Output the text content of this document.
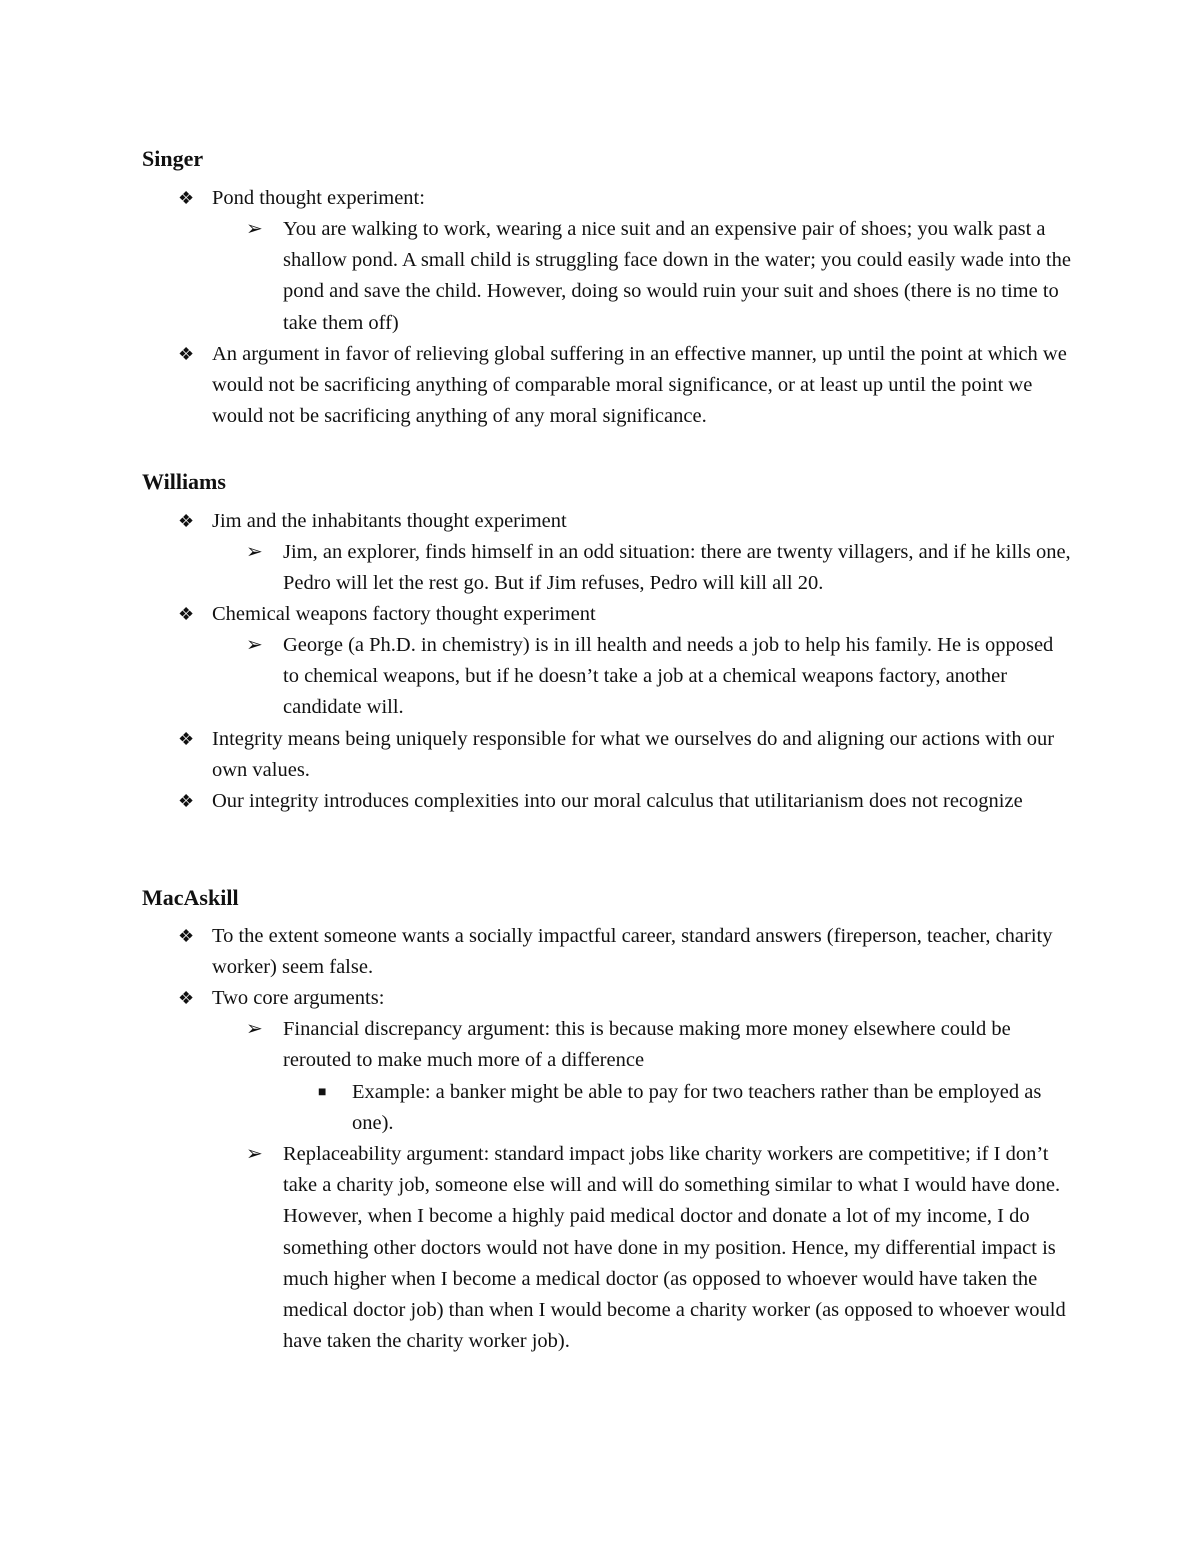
Singer
❖ Pond thought experiment:
➢ You are walking to work, wearing a nice suit and an expensive pair of shoes; you walk past a shallow pond. A small child is struggling face down in the water; you could easily wade into the pond and save the child. However, doing so would ruin your suit and shoes (there is no time to take them off)
❖ An argument in favor of relieving global suffering in an effective manner, up until the point at which we would not be sacrificing anything of comparable moral significance, or at least up until the point we would not be sacrificing anything of any moral significance.
Williams
❖ Jim and the inhabitants thought experiment
➢ Jim, an explorer, finds himself in an odd situation: there are twenty villagers, and if he kills one, Pedro will let the rest go. But if Jim refuses, Pedro will kill all 20.
❖ Chemical weapons factory thought experiment
➢ George (a Ph.D. in chemistry) is in ill health and needs a job to help his family. He is opposed to chemical weapons, but if he doesn’t take a job at a chemical weapons factory, another candidate will.
❖ Integrity means being uniquely responsible for what we ourselves do and aligning our actions with our own values.
❖ Our integrity introduces complexities into our moral calculus that utilitarianism does not recognize
MacAskill
❖ To the extent someone wants a socially impactful career, standard answers (fireperson, teacher, charity worker) seem false.
❖ Two core arguments:
➢ Financial discrepancy argument: this is because making more money elsewhere could be rerouted to make much more of a difference
■ Example: a banker might be able to pay for two teachers rather than be employed as one).
➢ Replaceability argument: standard impact jobs like charity workers are competitive; if I don’t take a charity job, someone else will and will do something similar to what I would have done. However, when I become a highly paid medical doctor and donate a lot of my income, I do something other doctors would not have done in my position. Hence, my differential impact is much higher when I become a medical doctor (as opposed to whoever would have taken the medical doctor job) than when I would become a charity worker (as opposed to whoever would have taken the charity worker job).
